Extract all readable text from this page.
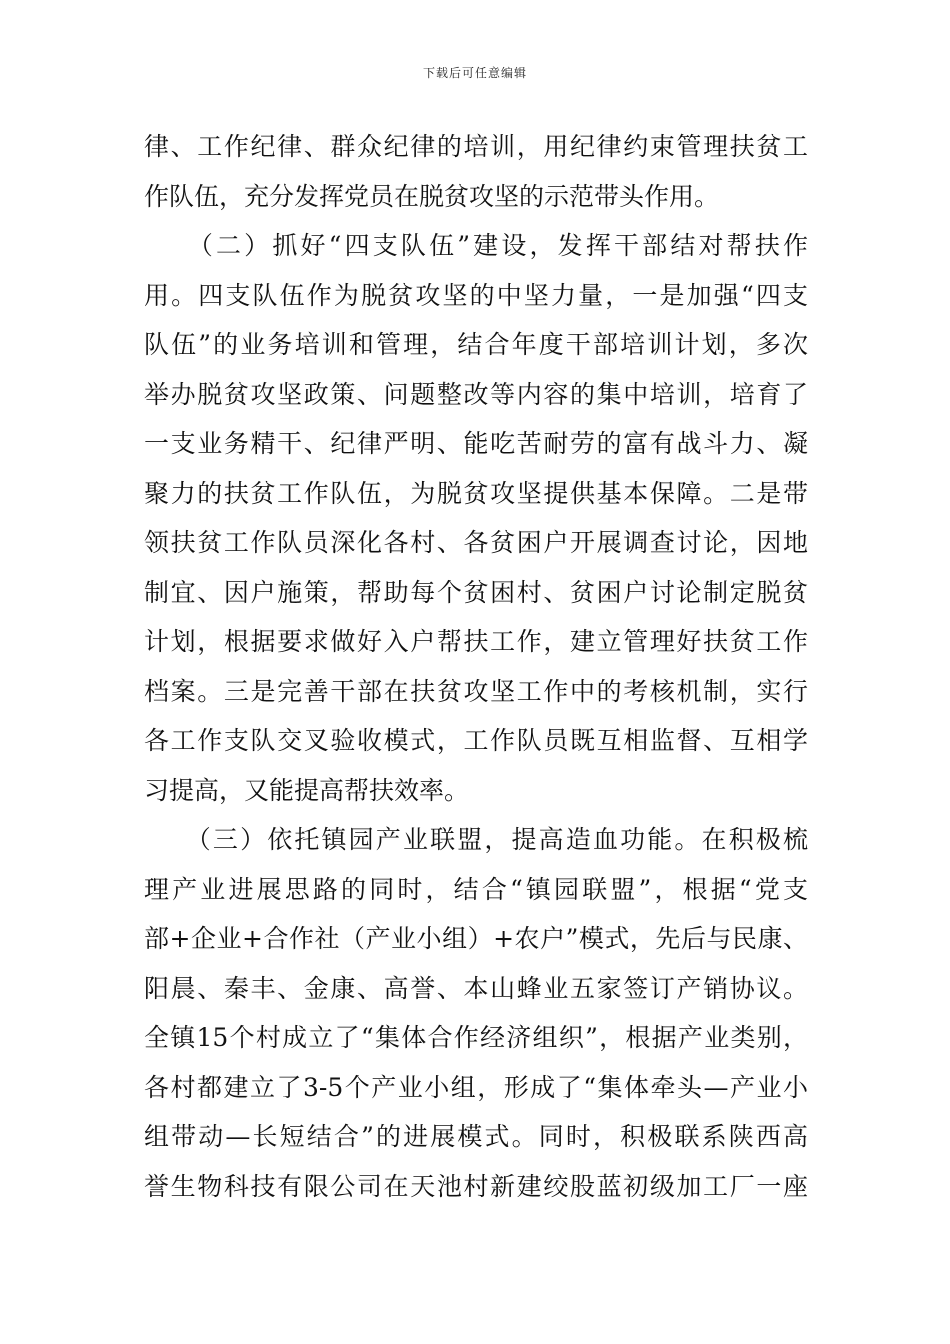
下载后可任意编辑
律、工作纪律、群众纪律的培训，用纪律约束管理扶贫工
作队伍，充分发挥党员在脱贫攻坚的示范带头作用。
　　（二）抓好“四支队伍”建设，发挥干部结对帮扶作
用。四支队伍作为脱贫攻坚的中坚力量，一是加强“四支
队伍”的业务培训和管理，结合年度干部培训计划，多次
举办脱贫攻坚政策、问题整改等内容的集中培训，培育了
一支业务精干、纪律严明、能吃苦耐劳的富有战斗力、凝
聚力的扶贫工作队伍，为脱贫攻坚提供基本保障。二是带
领扶贫工作队员深化各村、各贫困户开展调查讨论，因地
制宜、因户施策，帮助每个贫困村、贫困户讨论制定脱贫
计划，根据要求做好入户帮扶工作，建立管理好扶贫工作
档案。三是完善干部在扶贫攻坚工作中的考核机制，实行
各工作支队交叉验收模式，工作队员既互相监督、互相学
习提高，又能提高帮扶效率。
　　（三）依托镇园产业联盟，提高造血功能。在积极梳
理产业进展思路的同时，结合“镇园联盟”，根据“党支
部+企业+合作社（产业小组）+农户”模式，先后与民康、
阳晨、秦丰、金康、高誉、本山蜂业五家签订产销协议。
全镇15个村成立了“集体合作经济组织”，根据产业类别，
各村都建立了3-5个产业小组，形成了“集体牵头—产业小
组带动—长短结合”的进展模式。同时，积极联系陕西高
誉生物科技有限公司在天池村新建绞股蓝初级加工厂一座
